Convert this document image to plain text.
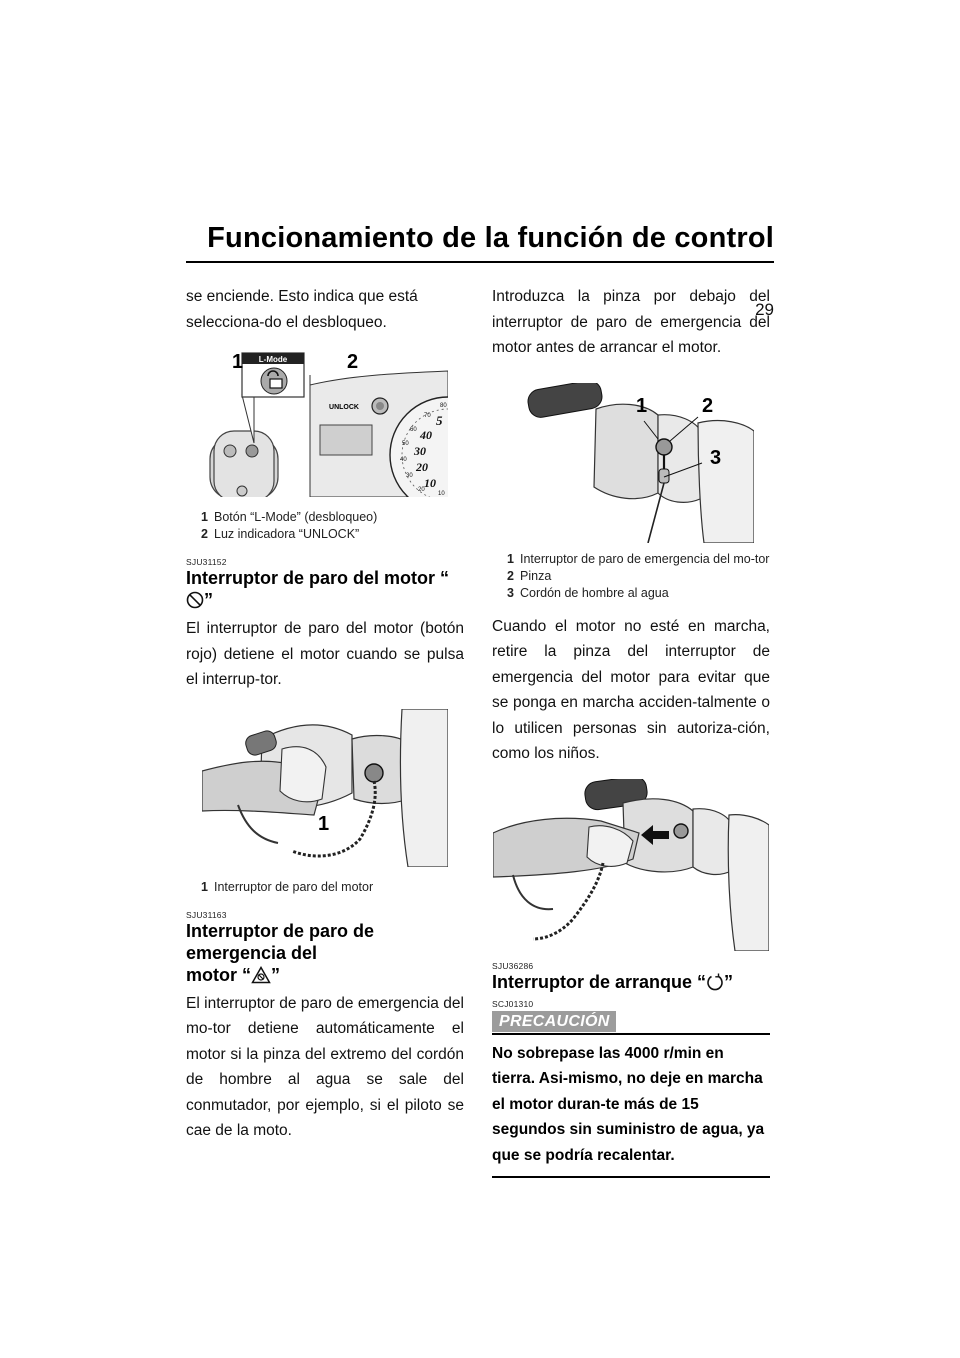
Funcionamiento de la función de control
29

se enciende. Esto indica que está selecciona-do el desbloqueo.

L-Mode
UNLOCK	80
70
60
50
40
30
20
10
5
40
30
20
10
1	2
1 Botón “L-Mode” (desbloqueo)
2 Luz indicadora “UNLOCK”

SJU31152

Interruptor de paro del motor “”

El interruptor de paro del motor (botón rojo) detiene el motor cuando se pulsa el interrup-tor.

1
1 Interruptor de paro del motor

SJU31163

Interruptor de paro de emergencia del
motor “ ”

El interruptor de paro de emergencia del mo-tor detiene automáticamente el motor si la pinza del extremo del cordón de hombre al agua se sale del conmutador, por ejemplo, si el piloto se cae de la moto.

Introduzca la pinza por debajo del interruptor de paro de emergencia del motor antes de arrancar el motor.

1	2
3
1 Interruptor de paro de emergencia del mo-tor
2 Pinza
3 Cordón de hombre al agua

Cuando el motor no esté en marcha, retire la pinza del interruptor de emergencia del motor para evitar que se ponga en marcha acciden-talmente o lo utilicen personas sin autoriza-ción, como los niños.

SJU36286

Interruptor de arranque “ ”

SCJ01310

PRECAUCIÓN

No sobrepase las 4000 r/min en tierra. Asi-mismo, no deje en marcha el motor duran-te más de 15 segundos sin suministro de agua, ya que se podría recalentar.
